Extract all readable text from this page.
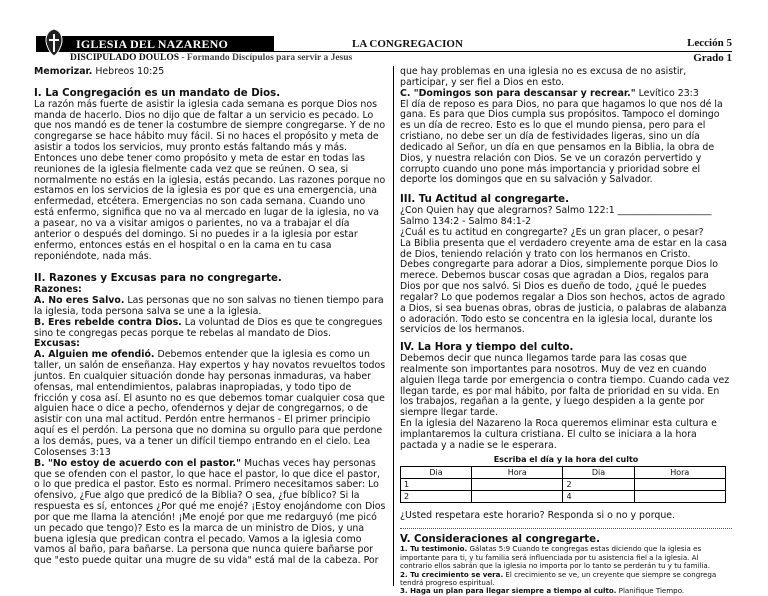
IGLESIA DEL NAZARENO
DISCIPULADO DOULOS - Formando Discípulos para servir a Jesus
LA CONGREGACION	Lección 5
Grado 1

Memorizar. Hebreos 10:25

I. La Congregación es un mandato de Dios.

La razón más fuerte de asistir la iglesia cada semana es porque Dios nos manda de hacerlo. Dios no dijo que de faltar a un servicio es pecado. Lo que nos mandó es de tener la costumbre de siempre congregarse. Y de no congregarse se hace hábito muy fácil. Si no haces el propósito y meta de asistir a todos los servicios, muy pronto estás faltando más y más. Entonces uno debe tener como propósito y meta de estar en todas las reuniones de la iglesia fielmente cada vez que se reúnen. O sea, si normalmente no estás en la iglesia, estás pecando. Las razones porque no estamos en los servicios de la iglesia es por que es una emergencia, una enfermedad, etcétera. Emergencias no son cada semana. Cuando uno está enfermo, significa que no va al mercado en lugar de la iglesia, no va a pasear, no va a visitar amigos o parientes, no va a trabajar el día anterior o después del domingo. Si no puedes ir a la iglesia por estar enfermo, entonces estás en el hospital o en la cama en tu casa reponiéndote, nada más.

II. Razones y Excusas para no congregarte.

Razones:

A. No eres Salvo. Las personas que no son salvas no tienen tiempo para la iglesia, toda persona salva se une a la iglesia.

B. Eres rebelde contra Dios. La voluntad de Dios es que te congregues sino te congregas pecas porque te rebelas al mandato de Dios.

Excusas:

A. Alguien me ofendió. Debemos entender que la iglesia es como un taller, un salón de enseñanza. Hay expertos y hay novatos revueltos todos juntos. En cualquier situación donde hay personas inmaduras, va haber ofensas, mal entendimientos, palabras inapropiadas, y todo tipo de fricción y cosa así. El asunto no es que debemos tomar cualquier cosa que alguien hace o dice a pecho, ofendernos y dejar de congregarnos, o de asistir con una mal actitud. Perdón entre hermanos - El primer principio aquí es el perdón. La persona que no domina su orgullo para que perdone a los demás, pues, va a tener un difícil tiempo entrando en el cielo. Lea Colosenses 3:13

B. "No estoy de acuerdo con el pastor." Muchas veces hay personas que se ofenden con el pastor, lo que hace el pastor, lo que dice el pastor, o lo que predica el pastor. Esto es normal. Primero necesitamos saber: Lo ofensivo, ¿Fue algo que predicó de la Biblia? O sea, ¿fue bíblico? Si la respuesta es sí, entonces ¿Por qué me enojé? ¡Estoy enojándome con Dios por que me llama la atención! ¡Me enojé por que me redarguyó (me picó un pecado que tengo)? Esto es la marca de un ministro de Dios, y una buena iglesia que predican contra el pecado. Vamos a la iglesia como vamos al baño, para bañarse. La persona que nunca quiere bañarse por que "esto puede quitar una mugre de su vida" está mal de la cabeza. Por

que hay problemas en una iglesia no es excusa de no asistir, participar, y ser fiel a Dios en esto.

C. "Domingos son para descansar y recrear." Levítico 23:3

El día de reposo es para Dios, no para que hagamos lo que nos dé la gana. Es para que Dios cumpla sus propósitos. Tampoco el domingo es un día de recreo. Esto es lo que el mundo piensa, pero para el cristiano, no debe ser un día de festividades ligeras, sino un día dedicado al Señor, un día en que pensamos en la Biblia, la obra de Dios, y nuestra relación con Dios. Se ve un corazón pervertido y corrupto cuando uno pone más importancia y prioridad sobre el deporte los domingos que en su salvación y Salvador.

III. Tu Actitud al congregarte.

¿Con Quien hay que alegrarnos? Salmo 122:1 ____________________

Salmo 134:2 - Salmo 84:1-2

¿Cuál es tu actitud en congregarte? ¿Es un gran placer, o pesar?

La Biblia presenta que el verdadero creyente ama de estar en la casa de Dios, teniendo relación y trato con los hermanos en Cristo.

Debes congregarte para adorar a Dios, simplemente porque Dios lo merece. Debemos buscar cosas que agradan a Dios, regalos para Dios por que nos salvó. Si Dios es dueño de todo, ¿qué le puedes regalar? Lo que podemos regalar a Dios son hechos, actos de agrado a Dios, si sea buenas obras, obras de justicia, o palabras de alabanza o adoración. Todo esto se concentra en la iglesia local, durante los servicios de los hermanos.

IV. La Hora y tiempo del culto.

Debemos decir que nunca llegamos tarde para las cosas que realmente son importantes para nosotros. Muy de vez en cuando alguien llega tarde por emergencia o contra tiempo. Cuando cada vez llegan tarde, es por mal hábito, por falta de prioridad en su vida. En los trabajos, regañan a la gente, y luego despiden a la gente por siempre llegar tarde.

En la iglesia del Nazareno la Roca queremos eliminar esta cultura e implantaremos la cultura cristiana. El culto se iniciara a la hora pactada y a nadie se le esperara.

Escriba el día y la hora del culto

Dia	Hora	Dia	Hora
1		2	
2		4	

¿Usted respetara este horario? Responda si o no y porque.

V. Consideraciones al congregarte.

1. Tu testimonio. Gálatas 5:9 Cuando te congregas estas diciendo que la iglesia es importante para ti, y tu familia será influenciada por tu asistencia fiel a la iglesia. Al contrario ellos sabrán que la iglesia no importa por lo tanto se perderán tu y tu familia.

2. Tu crecimiento se vera. El crecimiento se ve, un creyente que siempre se congrega tendrá progreso espiritual.

3. Haga un plan para llegar siempre a tiempo al culto. Planifique Tiempo.
